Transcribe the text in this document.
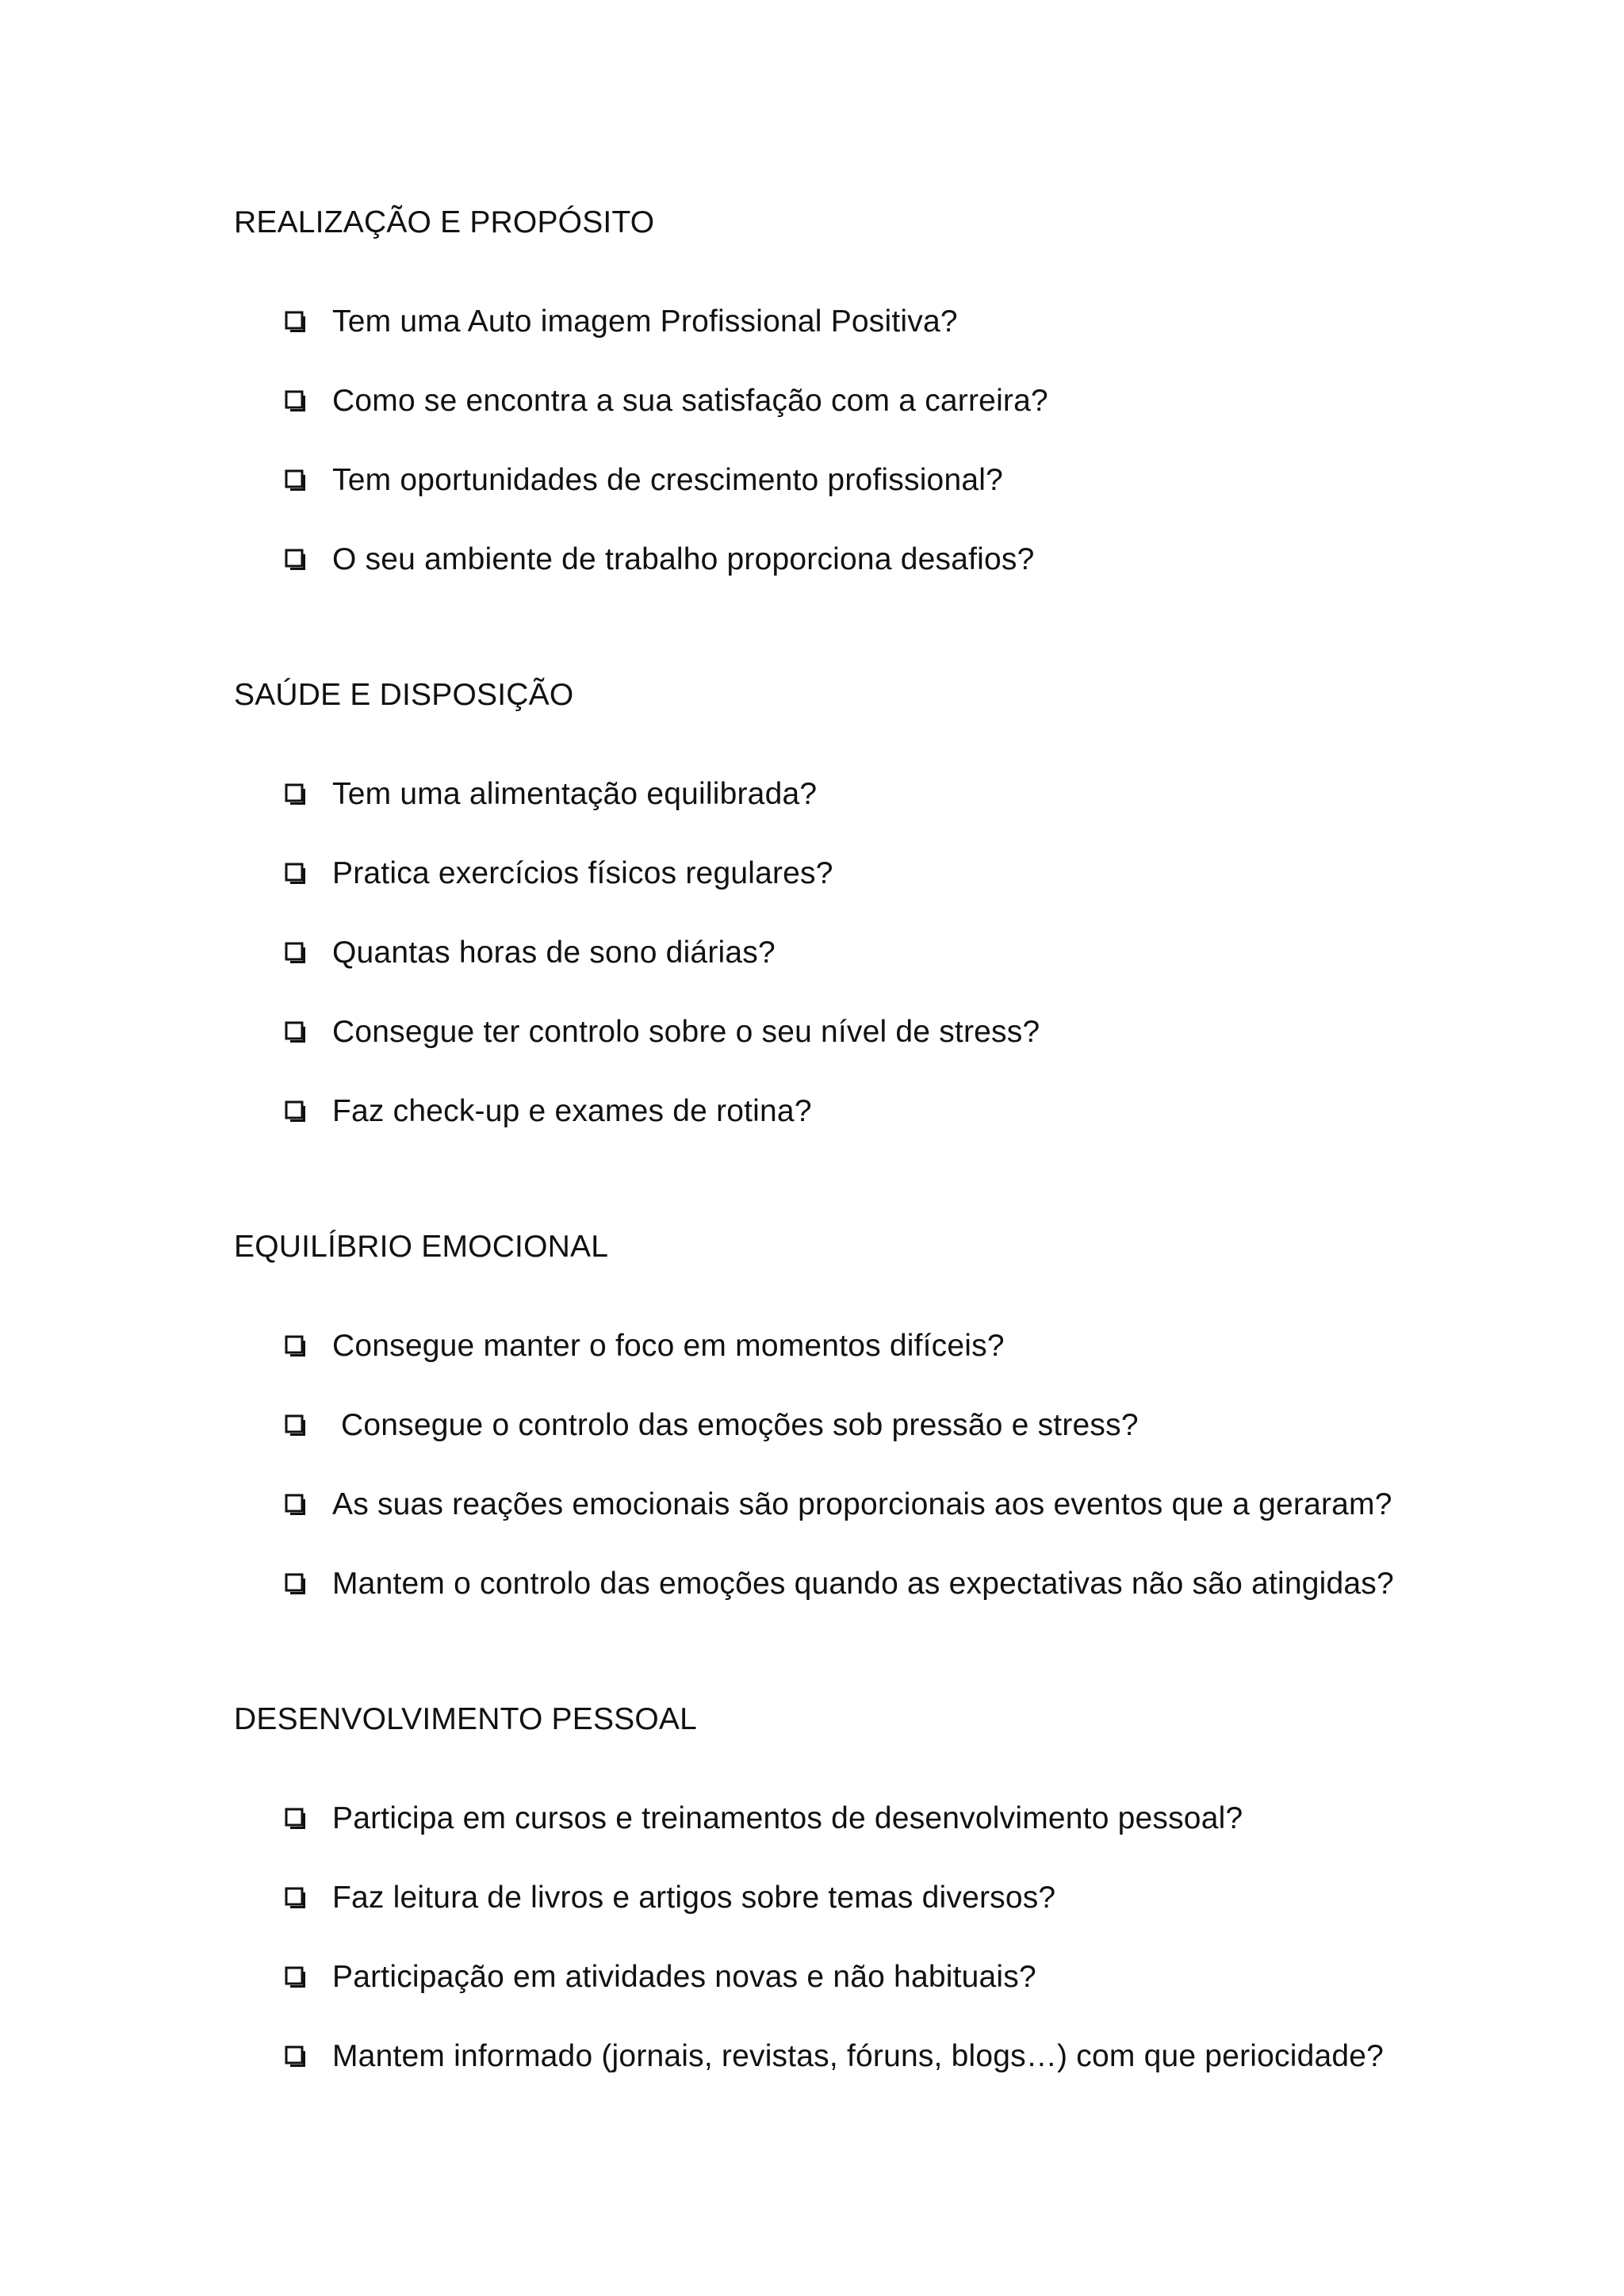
REALIZAÇÃO E PROPÓSITO
Tem uma Auto imagem Profissional Positiva?
Como se encontra a sua satisfação com a carreira?
Tem oportunidades de crescimento profissional?
O seu ambiente de trabalho proporciona desafios?
SAÚDE E DISPOSIÇÃO
Tem uma alimentação equilibrada?
Pratica exercícios físicos regulares?
Quantas horas de sono diárias?
Consegue ter controlo sobre o seu nível de stress?
Faz check-up e exames de rotina?
EQUILÍBRIO EMOCIONAL
Consegue manter o foco em momentos difíceis?
Consegue o controlo das emoções sob pressão e stress?
As suas reações emocionais são proporcionais aos eventos que a geraram?
Mantem o controlo das emoções quando as expectativas não são atingidas?
DESENVOLVIMENTO PESSOAL
Participa em cursos e treinamentos de desenvolvimento pessoal?
Faz leitura de livros e artigos sobre temas diversos?
Participação em atividades novas e não habituais?
Mantem informado (jornais, revistas, fóruns, blogs…) com que periocidade?
